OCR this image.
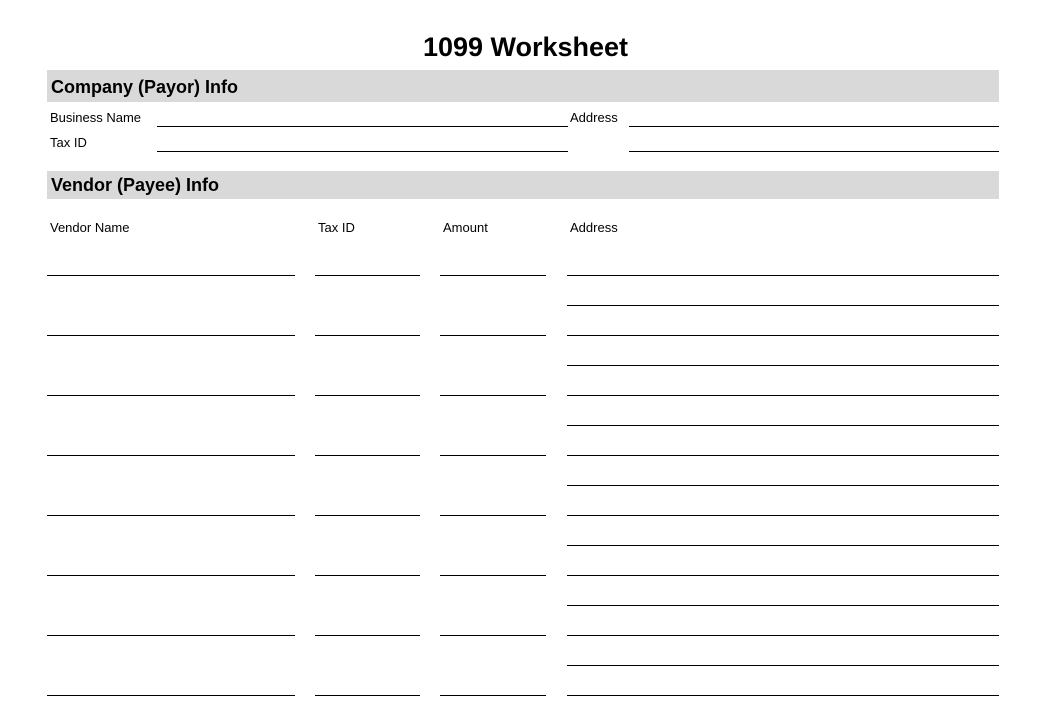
1099 Worksheet
Company (Payor) Info
Business Name
Tax ID
Address
Vendor (Payee) Info
Vendor Name	Tax ID	Amount	Address
